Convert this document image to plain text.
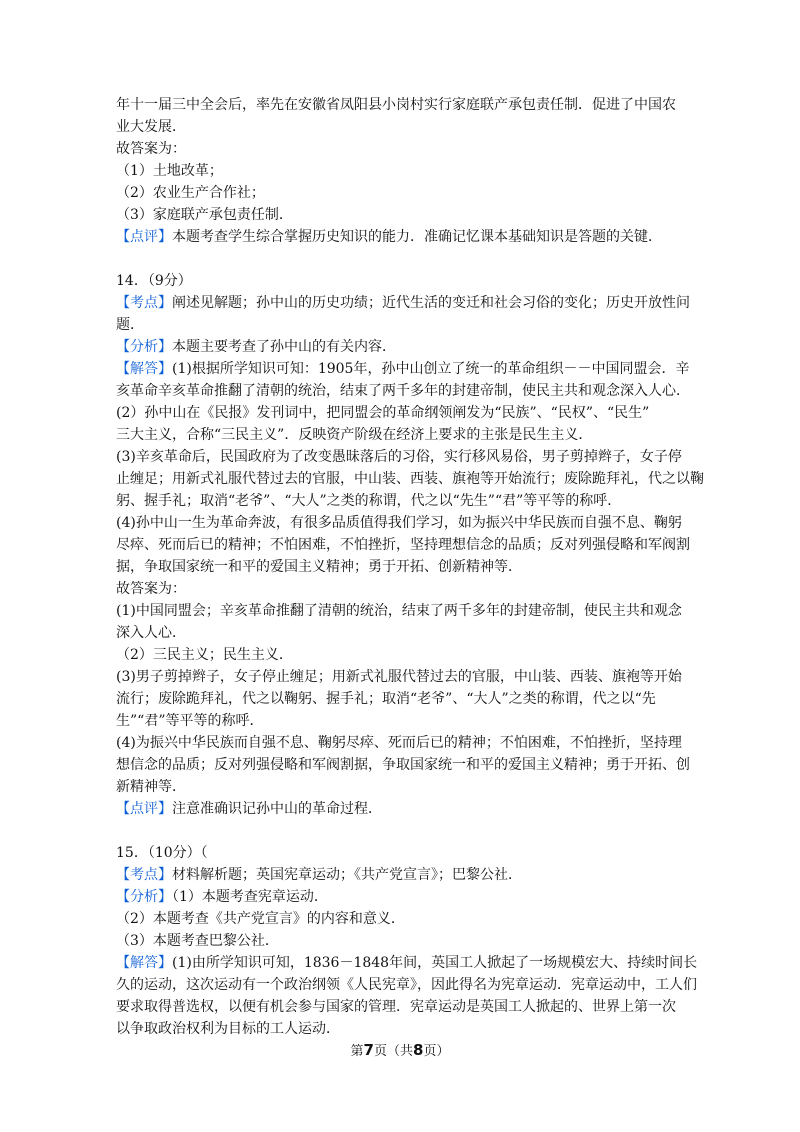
年十一届三中全会后，率先在安徽省凤阳县小岗村实行家庭联产承包责任制．促进了中国农
业大发展．
故答案为：
（1）土地改革；
（2）农业生产合作社；
（3）家庭联产承包责任制．
【点评】本题考查学生综合掌握历史知识的能力．准确记忆课本基础知识是答题的关键．
14．（9分）
【考点】阐述见解题；孙中山的历史功绩；近代生活的变迁和社会习俗的变化；历史开放性问
题．
【分析】本题主要考查了孙中山的有关内容．
【解答】(1)根据所学知识可知：1905年，孙中山创立了统一的革命组织－－中国同盟会．辛
亥革命辛亥革命推翻了清朝的统治，结束了两千多年的封建帝制，使民主共和观念深入人心．
(2）孙中山在《民报》发刊词中，把同盟会的革命纲领阐发为“民族”、“民权”、“民生”
三大主义，合称“三民主义”．反映资产阶级在经济上要求的主张是民生主义．
(3)辛亥革命后，民国政府为了改变愚昧落后的习俗，实行移风易俗，男子剪掉辫子，女子停
止缠足；用新式礼服代替过去的官服，中山装、西装、旗袍等开始流行；废除跪拜礼，代之以鞠
躬、握手礼；取消“老爷”、“大人”之类的称谓，代之以“先生”“君”等平等的称呼．
(4)孙中山一生为革命奔波，有很多品质值得我们学习，如为振兴中华民族而自强不息、鞠躬
尽瘁、死而后已的精神；不怕困难，不怕挫折，坚持理想信念的品质；反对列强侵略和军阀割
据，争取国家统一和平的爱国主义精神；勇于开拓、创新精神等．
故答案为：
(1)中国同盟会；辛亥革命推翻了清朝的统治，结束了两千多年的封建帝制，使民主共和观念
深入人心．
（2）三民主义；民生主义．
(3)男子剪掉辫子，女子停止缠足；用新式礼服代替过去的官服，中山装、西装、旗袍等开始
流行；废除跪拜礼，代之以鞠躬、握手礼；取消“老爷”、“大人”之类的称谓，代之以“先
生”“君”等平等的称呼．
(4)为振兴中华民族而自强不息、鞠躬尽瘁、死而后已的精神；不怕困难，不怕挫折，坚持理
想信念的品质；反对列强侵略和军阀割据，争取国家统一和平的爱国主义精神；勇于开拓、创
新精神等．
【点评】注意准确识记孙中山的革命过程．
15．（10分）（
【考点】材料解析题；英国宪章运动；《共产党宣言》；巴黎公社．
【分析】（1）本题考查宪章运动．
（2）本题考查《共产党宣言》的内容和意义．
（3）本题考查巴黎公社．
【解答】(1)由所学知识可知，1836－1848年间，英国工人掀起了一场规模宏大、持续时间长
久的运动，这次运动有一个政治纲领《人民宪章》，因此得名为宪章运动．宪章运动中，工人们
要求取得普选权，以便有机会参与国家的管理．宪章运动是英国工人掀起的、世界上第一次
以争取政治权利为目标的工人运动．
第7页（共8页）
